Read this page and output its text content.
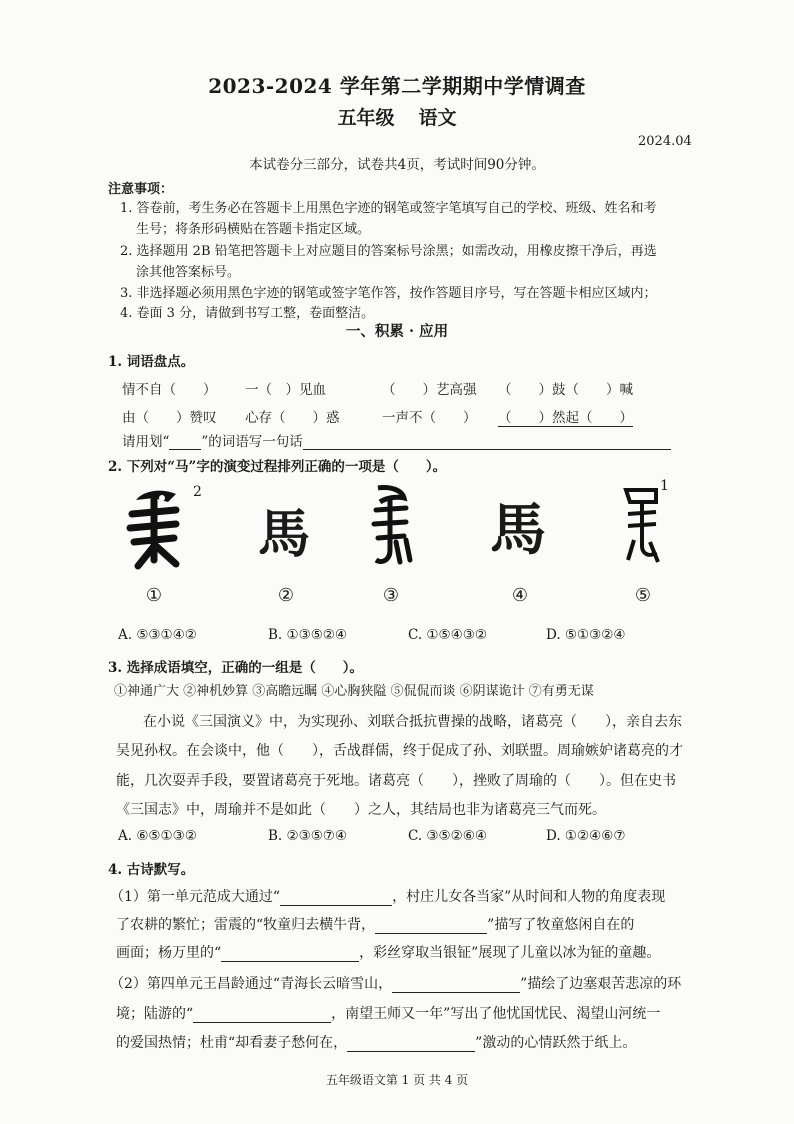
2023-2024 学年第二学期期中学情调查
五年级 语文
2024.04
本试卷分三部分，试卷共4页，考试时间90分钟。
注意事项：
1. 答卷前，考生务必在答题卡上用黑色字迹的钢笔或签字笔填写自己的学校、班级、姓名和考
生号；将条形码横贴在答题卡指定区域。
2. 选择题用 2B 铅笔把答题卡上对应题目的答案标号涂黑；如需改动，用橡皮擦干净后，再选
涂其他答案标号。
3. 非选择题必须用黑色字迹的钢笔或签字笔作答，按作答题目序号，写在答题卡相应区域内；
4. 卷面 3 分，请做到书写工整，卷面整洁。
一、积累 · 应用
1. 词语盘点。
情不自（　　） 一（　）见血	（　　）艺高强 （　　）鼓（　　）喊
由（　　）赞叹 心存（　　）惑	一声不（　　） （　　）然起（　　）
请用划“ ”的词语写一句话
2. 下列对“马”字的演变过程排列正确的一项是（　　）。
2
馬	馬
1
①	②	③	④	⑤
A. ⑤③①④②	B. ①③⑤②④	C. ①⑤④③②	D. ⑤①③②④
3. 选择成语填空，正确的一组是（　　）。
①神通广大 ②神机妙算 ③高瞻远瞩 ④心胸狭隘 ⑤侃侃而谈 ⑥阴谋诡计 ⑦有勇无谋
在小说《三国演义》中，为实现孙、刘联合抵抗曹操的战略，诸葛亮（　　），亲自去东
吴见孙权。在会谈中，他（　　），舌战群儒，终于促成了孙、刘联盟。周瑜嫉妒诸葛亮的才
能，几次耍弄手段，要置诸葛亮于死地。诸葛亮（　　），挫败了周瑜的（　　）。但在史书
《三国志》中，周瑜并不是如此（　　）之人，其结局也非为诸葛亮三气而死。
A. ⑥⑤①③②	B. ②③⑤⑦④	C. ③⑤②⑥④	D. ①②④⑥⑦
4. 古诗默写。
（1）第一单元范成大通过“	，村庄儿女各当家”从时间和人物的角度表现
了农耕的繁忙；雷震的“牧童归去横牛背，	”描写了牧童悠闲自在的
画面；杨万里的“	，彩丝穿取当银钲”展现了儿童以冰为钲的童趣。
（2）第四单元王昌龄通过“青海长云暗雪山，	”描绘了边塞艰苦悲凉的环
境；陆游的“	，南望王师又一年”写出了他忧国忧民、渴望山河统一
的爱国热情；杜甫“却看妻子愁何在，	”激动的心情跃然于纸上。
五年级语文第 1 页 共 4 页
